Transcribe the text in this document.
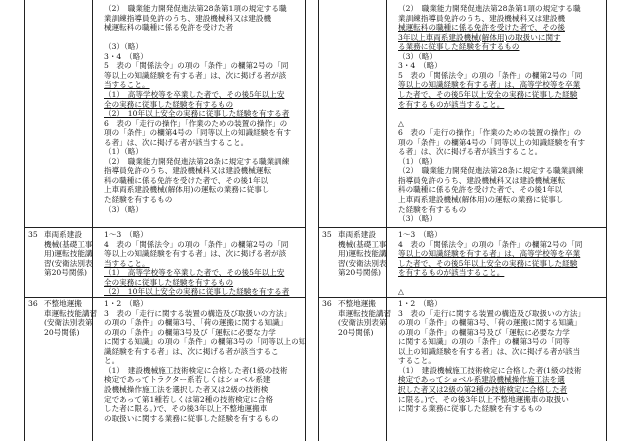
（2）　職業能力開発促進法第28条第1項の規定する職
業訓練指導員免許のうち、建設機械科又は建設機
械運転科の職種に係る免許を受けた者
（3）（略）
3・4　（略）
5　表の「関係法令」の項の「条件」の欄第2号の「同
等以上の知識経験を有する者」は、次に掲げる者が該
当すること。
（1）　高等学校等を卒業した者で、その後5年以上安
全の実務に従事した経験を有するもの
（2）　10年以上安全の実務に従事した経験を有する者
6　表の「走行の操作」「作業のための装置の操作」の
項の「条件」の欄第4号の「同等以上の知識経験を有す
る者」は、次に掲げる者が該当すること。
（1）（略）
（2）　職業能力開発促進法第28条に規定する職業訓練
指導員免許のうち、建設機械科又は建設機械運転
科の職種に係る免許を受けた者で、その後1年以
上車両系建設機械(解体用)の運転の業務に従事し
た経験を有するもの
（3）（略）
35 車両系建設
機械(基礎工事
用)運転技能講
習(安衛法別表
第20号関係)
1～3　（略）
4　表の「関係法令」の項の「条件」の欄第2号の「同
等以上の知識経験を有する者」は、次に掲げる者が該
当すること。
（1）　高等学校等を卒業した者で、その後5年以上安
全の実務に従事した経験を有するもの
（2）　10年以上安全の実務に従事した経験を有する者
36 不整地運搬
車運転技能講習
(安衛法別表第
20号関係)
1・2　（略）
3　表の「走行に関する装置の構造及び取扱いの方法」
の項の「条件」の欄第3号、「荷の運搬に関する知識」
の項の「条件」の欄第3号及び「運転に必要な力学
に関する知識」の項の「条件」の欄第3号の「同等以上の知
識経験を有する者」は、次に掲げる者が該当するこ
と。
（1）　建設機械施工技術検定に合格した者(1級の技術
検定であってトラクター系若しくはショベル系建
設機械操作施工法を選択した者又は2級の技術検
定であって第1種若しくは第2種の技術検定に合格
した者に限る。)で、その後3年以上不整地運搬車
の取扱いに関する業務に従事した経験を有するもの
（2）　職業能力開発促進法第28条第1項の規定する職
業訓練指導員免許のうち、建設機械科又は建設機
械運転科の職種に係る免許を受けた者で、その後
3年以上車両系建設機械(解体用)の取扱いに関す
る業務に従事した経験を有するもの
（3）（略）
3・4　（略）
5　表の「関係法令」の項の「条件」の欄第2号の「同
等以上の知識経験を有する者」は、高等学校等を卒業
した者で、その後5年以上安全の実務に従事した経験
を有するものが該当すること。
△
6　表の「走行の操作」「作業のための装置の操作」の
項の「条件」の欄第4号の「同等以上の知識経験を有す
る者」は、次に掲げる者が該当すること。
（1）（略）
（2）　職業能力開発促進法第28条に規定する職業訓練
指導員免許のうち、建設機械科又は建設機械運転
科の職種に係る免許を受けた者で、その後1年以
上車両系建設機械(解体用)の運転の業務に従事し
た経験を有するもの
（3）（略）
35 車両系建設
機械(基礎工事
用)運転技能講
習(安衛法別表
第20号関係)
1～3　（略）
4　表の「関係法令」の項の「条件」の欄第2号の「同
等以上の知識経験を有する者」は、高等学校等を卒業
した者で、その後5年以上安全の実務に従事した経験
を有するものが該当すること。
△
36 不整地運搬
車運転技能講習
(安衛法別表第
20号関係)
1・2　（略）
3　表の「走行に関する装置の構造及び取扱いの方法」
の項の「条件」の欄第3号、「荷の運搬に関する知識」
の項の「条件」の欄第3号及び「運転に必要な力学
に関する知識」の項の「条件」の欄第3号の「同等
以上の知識経験を有する者」は、次に掲げる者が該当
すること。
（1）　建設機械施工技術検定に合格した者(1級の技術
検定であってショベル系建設機械操作施工法を選
択した者又は2級の第2種の技術検定に合格した者
に限る。)で、その後3年以上不整地運搬車の取扱い
に関する業務に従事した経験を有するもの
